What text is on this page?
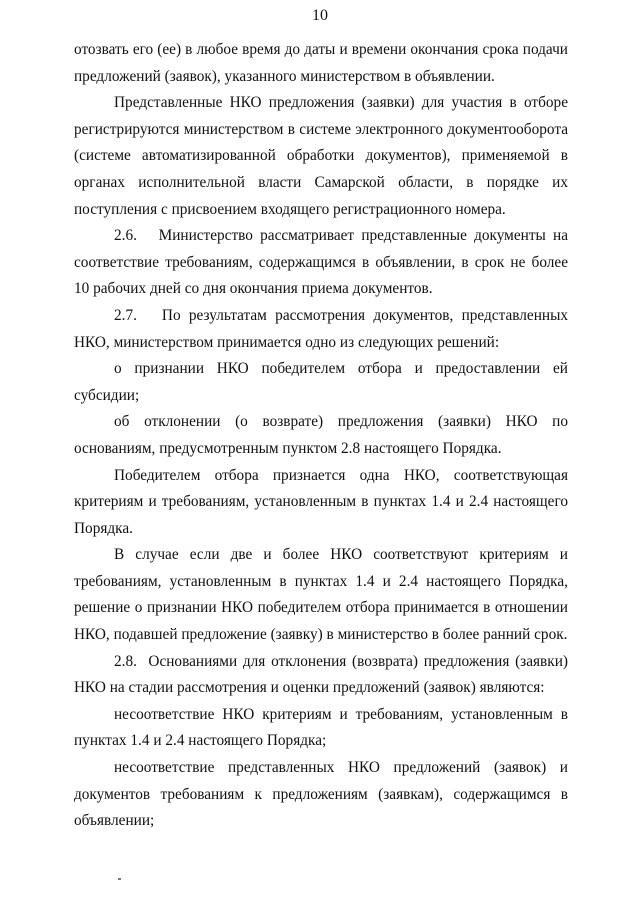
10

отозвать его (ее) в любое время до даты и времени окончания срока подачи предложений (заявок), указанного министерством в объявлении.

Представленные НКО предложения (заявки) для участия в отборе регистрируются министерством в системе электронного документооборота (системе автоматизированной обработки документов), применяемой в органах исполнительной власти Самарской области, в порядке их поступления с присвоением входящего регистрационного номера.

2.6.   Министерство рассматривает представленные документы на соответствие требованиям, содержащимся в объявлении, в срок не более 10 рабочих дней со дня окончания приема документов.

2.7.   По результатам рассмотрения документов, представленных НКО, министерством принимается одно из следующих решений:

о признании НКО победителем отбора и предоставлении ей субсидии;

об отклонении (о возврате) предложения (заявки) НКО по основаниям, предусмотренным пунктом 2.8 настоящего Порядка.

Победителем отбора признается одна НКО, соответствующая критериям и требованиям, установленным в пунктах 1.4 и 2.4 настоящего Порядка.

В случае если две и более НКО соответствуют критериям и требованиям, установленным в пунктах 1.4 и 2.4 настоящего Порядка, решение о признании НКО победителем отбора принимается в отношении НКО, подавшей предложение (заявку) в министерство в более ранний срок.

2.8.  Основаниями для отклонения (возврата) предложения (заявки) НКО на стадии рассмотрения и оценки предложений (заявок) являются:

несоответствие НКО критериям и требованиям, установленным в пунктах 1.4 и 2.4 настоящего Порядка;

несоответствие представленных НКО предложений (заявок) и документов требованиям к предложениям (заявкам), содержащимся в объявлении;
